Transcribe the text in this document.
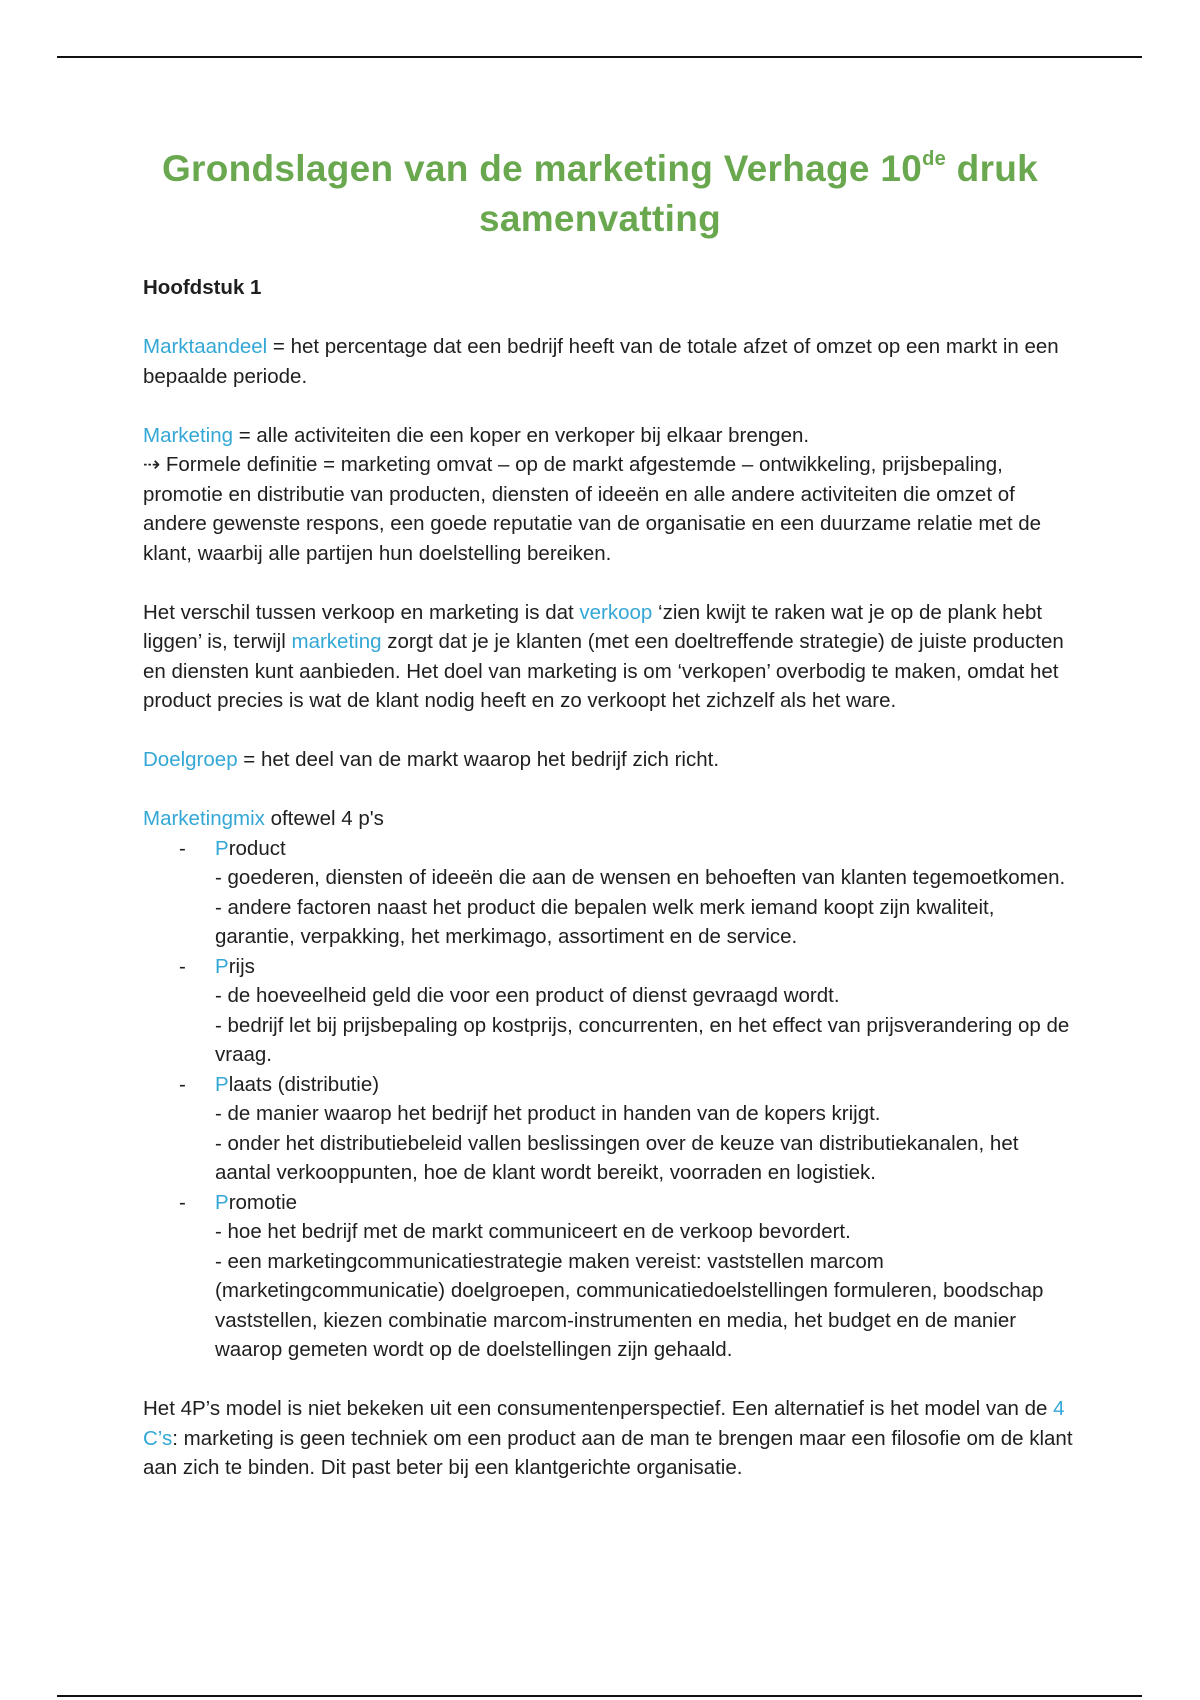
Grondslagen van de marketing Verhage 10de druk
samenvatting

Hoofdstuk 1

Marktaandeel = het percentage dat een bedrijf heeft van de totale afzet of omzet op een markt in een bepaalde periode.

Marketing = alle activiteiten die een koper en verkoper bij elkaar brengen.

⇢ Formele definitie = marketing omvat – op de markt afgestemde – ontwikkeling, prijsbepaling, promotie en distributie van producten, diensten of ideeën en alle andere activiteiten die omzet of andere gewenste respons, een goede reputatie van de organisatie en een duurzame relatie met de klant, waarbij alle partijen hun doelstelling bereiken.

Het verschil tussen verkoop en marketing is dat verkoop ‘zien kwijt te raken wat je op de plank hebt liggen’ is, terwijl marketing zorgt dat je je klanten (met een doeltreffende strategie) de juiste producten en diensten kunt aanbieden. Het doel van marketing is om ‘verkopen’ overbodig te maken, omdat het product precies is wat de klant nodig heeft en zo verkoopt het zichzelf als het ware.

Doelgroep = het deel van de markt waarop het bedrijf zich richt.

Marketingmix oftewel 4 p's

- Product
- goederen, diensten of ideeën die aan de wensen en behoeften van klanten tegemoetkomen.
- andere factoren naast het product die bepalen welk merk iemand koopt zijn kwaliteit, garantie, verpakking, het merkimago, assortiment en de service.
- Prijs
- de hoeveelheid geld die voor een product of dienst gevraagd wordt.
- bedrijf let bij prijsbepaling op kostprijs, concurrenten, en het effect van prijsverandering op de vraag.
- Plaats (distributie)
- de manier waarop het bedrijf het product in handen van de kopers krijgt.
- onder het distributiebeleid vallen beslissingen over de keuze van distributiekanalen, het aantal verkooppunten, hoe de klant wordt bereikt, voorraden en logistiek.
- Promotie
- hoe het bedrijf met de markt communiceert en de verkoop bevordert.
- een marketingcommunicatiestrategie maken vereist: vaststellen marcom (marketingcommunicatie) doelgroepen, communicatiedoelstellingen formuleren, boodschap vaststellen, kiezen combinatie marcom-instrumenten en media, het budget en de manier waarop gemeten wordt op de doelstellingen zijn gehaald.

Het 4P’s model is niet bekeken uit een consumentenperspectief. Een alternatief is het model van de 4 C’s: marketing is geen techniek om een product aan de man te brengen maar een filosofie om de klant aan zich te binden. Dit past beter bij een klantgerichte organisatie.
